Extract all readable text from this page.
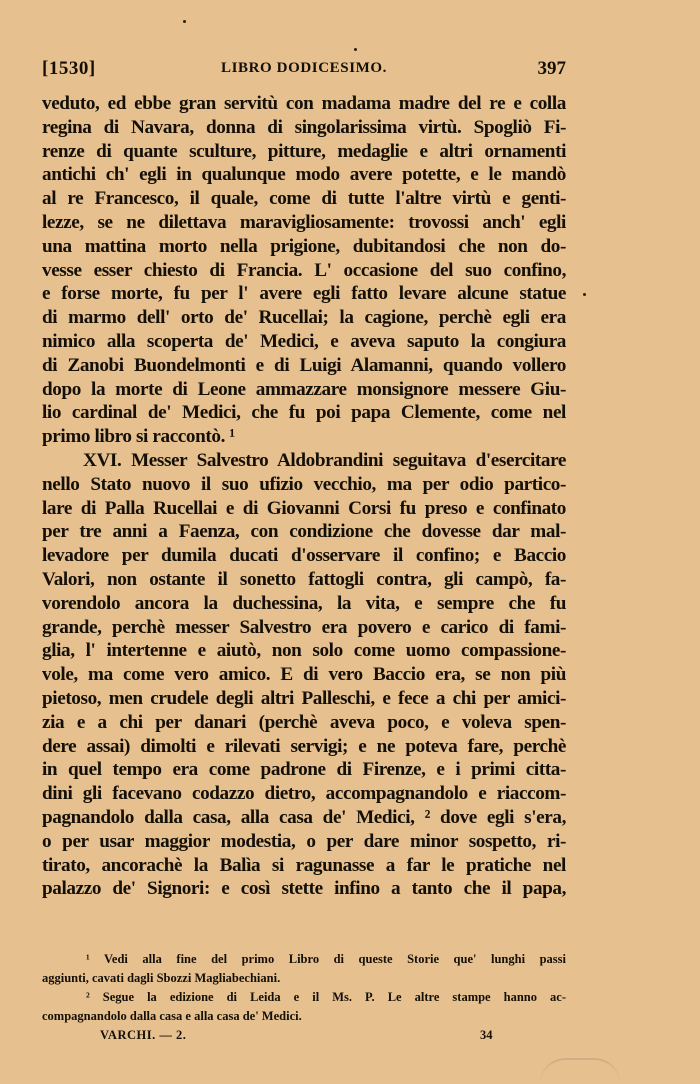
[1530]	LIBRO DODICESIMO.	397
veduto, ed ebbe gran servitù con madama madre del re e colla
regina di Navara, donna di singolarissima virtù. Spogliò Fi-
renze di quante sculture, pitture, medaglie e altri ornamenti
antichi ch' egli in qualunque modo avere potette, e le mandò
al re Francesco, il quale, come di tutte l'altre virtù e genti-
lezze, se ne dilettava maravigliosamente: trovossi anch' egli
una mattina morto nella prigione, dubitandosi che non do-
vesse esser chiesto di Francia. L' occasione del suo confino,
e forse morte, fu per l' avere egli fatto levare alcune statue
di marmo dell' orto de' Rucellai; la cagione, perchè egli era
nimico alla scoperta de' Medici, e aveva saputo la congiura
di Zanobi Buondelmonti e di Luigi Alamanni, quando vollero
dopo la morte di Leone ammazzare monsignore messere Giu-
lio cardinal de' Medici, che fu poi papa Clemente, come nel
primo libro si raccontò. ¹
XVI. Messer Salvestro Aldobrandini seguitava d'esercitare
nello Stato nuovo il suo ufizio vecchio, ma per odio partico-
lare di Palla Rucellai e di Giovanni Corsi fu preso e confinato
per tre anni a Faenza, con condizione che dovesse dar mal-
levadore per dumila ducati d'osservare il confino; e Baccio
Valori, non ostante il sonetto fattogli contra, gli campò, fa-
vorendolo ancora la duchessina, la vita, e sempre che fu
grande, perchè messer Salvestro era povero e carico di fami-
glia, l' intertenne e aiutò, non solo come uomo compassione-
vole, ma come vero amico. E di vero Baccio era, se non più
pietoso, men crudele degli altri Palleschi, e fece a chi per amici-
zia e a chi per danari (perchè aveva poco, e voleva spen-
dere assai) dimolti e rilevati servigi; e ne poteva fare, perchè
in quel tempo era come padrone di Firenze, e i primi citta-
dini gli facevano codazzo dietro, accompagnandolo e riaccom-
pagnandolo dalla casa, alla casa de' Medici, ² dove egli s'era,
o per usar maggior modestia, o per dare minor sospetto, ri-
tirato, ancorachè la Balìa si ragunasse a far le pratiche nel
palazzo de' Signori: e così stette infino a tanto che il papa,
¹ Vedi alla fine del primo Libro di queste Storie que' lunghi passi
aggiunti, cavati dagli Sbozzi Magliabechiani.
² Segue la edizione di Leida e il Ms. P. Le altre stampe hanno ac-
compagnandolo dalla casa e alla casa de' Medici.
VARCHI. — 2.	34
